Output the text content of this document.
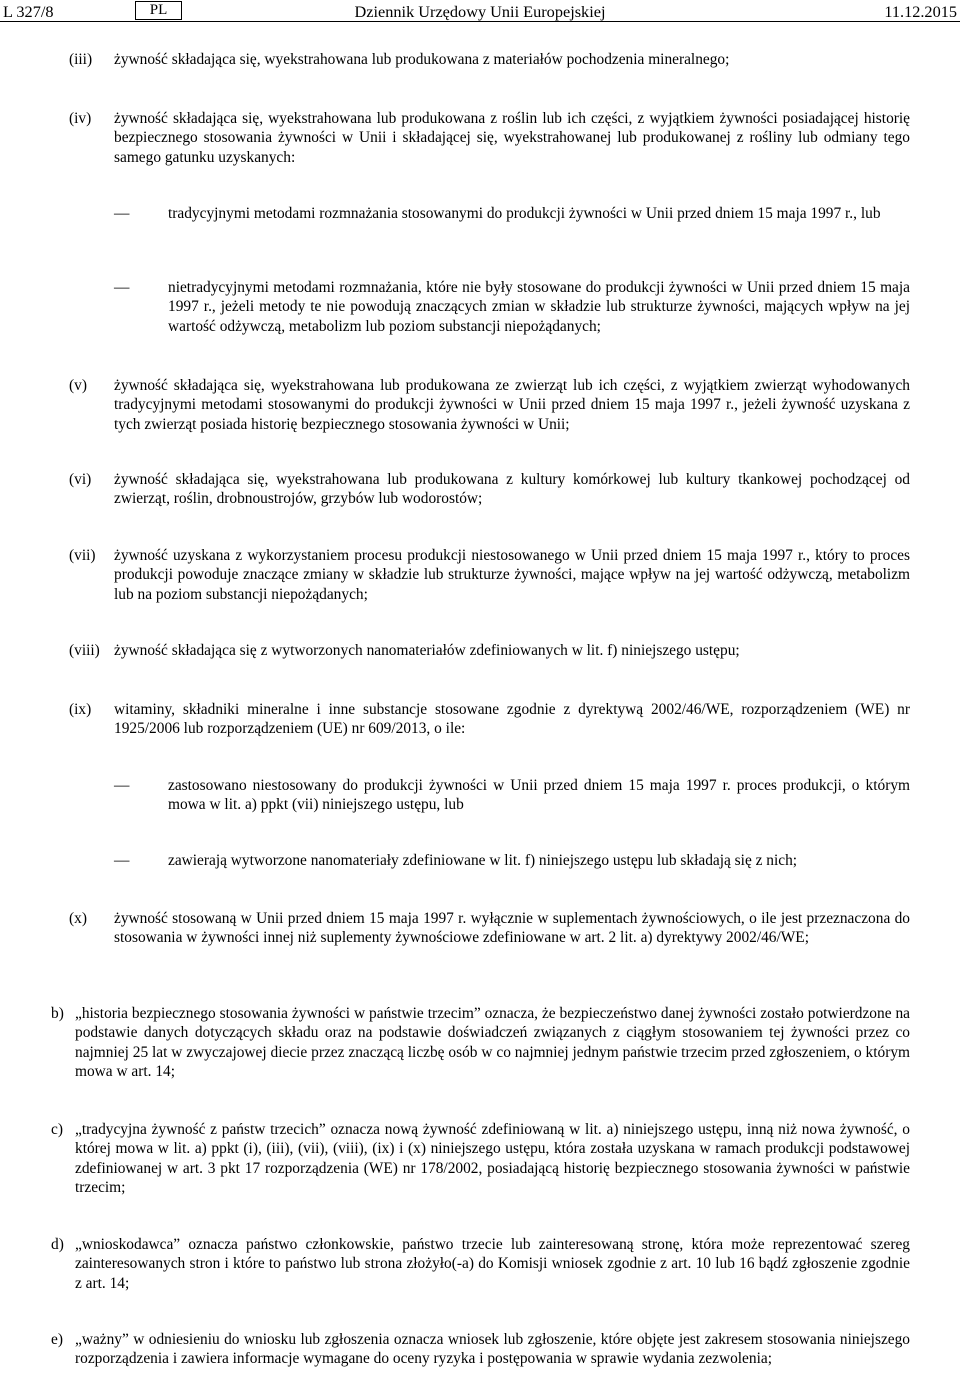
L 327/8	PL	Dziennik Urzędowy Unii Europejskiej	11.12.2015
(iii) żywność składająca się, wyekstrahowana lub produkowana z materiałów pochodzenia mineralnego;
(iv) żywność składająca się, wyekstrahowana lub produkowana z roślin lub ich części, z wyjątkiem żywności posiadającej historię bezpiecznego stosowania żywności w Unii i składającej się, wyekstrahowanej lub produkowanej z rośliny lub odmiany tego samego gatunku uzyskanych:
—	tradycyjnymi metodami rozmnażania stosowanymi do produkcji żywności w Unii przed dniem 15 maja 1997 r., lub
—	nietradycyjnymi metodami rozmnażania, które nie były stosowane do produkcji żywności w Unii przed dniem 15 maja 1997 r., jeżeli metody te nie powodują znaczących zmian w składzie lub strukturze żywności, mających wpływ na jej wartość odżywczą, metabolizm lub poziom substancji niepożądanych;
(v) żywność składająca się, wyekstrahowana lub produkowana ze zwierząt lub ich części, z wyjątkiem zwierząt wyhodowanych tradycyjnymi metodami stosowanymi do produkcji żywności w Unii przed dniem 15 maja 1997 r., jeżeli żywność uzyskana z tych zwierząt posiada historię bezpiecznego stosowania żywności w Unii;
(vi) żywność składająca się, wyekstrahowana lub produkowana z kultury komórkowej lub kultury tkankowej pochodzącej od zwierząt, roślin, drobnoustrojów, grzybów lub wodorostów;
(vii) żywność uzyskana z wykorzystaniem procesu produkcji niestosowanego w Unii przed dniem 15 maja 1997 r., który to proces produkcji powoduje znaczące zmiany w składzie lub strukturze żywności, mające wpływ na jej wartość odżywczą, metabolizm lub na poziom substancji niepożądanych;
(viii) żywność składająca się z wytworzonych nanomateriałów zdefiniowanych w lit. f) niniejszego ustępu;
(ix) witaminy, składniki mineralne i inne substancje stosowane zgodnie z dyrektywą 2002/46/WE, rozporządzeniem (WE) nr 1925/2006 lub rozporządzeniem (UE) nr 609/2013, o ile:
—	zastosowano niestosowany do produkcji żywności w Unii przed dniem 15 maja 1997 r. proces produkcji, o którym mowa w lit. a) ppkt (vii) niniejszego ustępu, lub
—	zawierają wytworzone nanomateriały zdefiniowane w lit. f) niniejszego ustępu lub składają się z nich;
(x) żywność stosowaną w Unii przed dniem 15 maja 1997 r. wyłącznie w suplementach żywnościowych, o ile jest przeznaczona do stosowania w żywności innej niż suplementy żywnościowe zdefiniowane w art. 2 lit. a) dyrektywy 2002/46/WE;
b) „historia bezpiecznego stosowania żywności w państwie trzecim” oznacza, że bezpieczeństwo danej żywności zostało potwierdzone na podstawie danych dotyczących składu oraz na podstawie doświadczeń związanych z ciągłym stosowaniem tej żywności przez co najmniej 25 lat w zwyczajowej diecie przez znaczącą liczbę osób w co najmniej jednym państwie trzecim przed zgłoszeniem, o którym mowa w art. 14;
c) „tradycyjna żywność z państw trzecich” oznacza nową żywność zdefiniowaną w lit. a) niniejszego ustępu, inną niż nowa żywność, o której mowa w lit. a) ppkt (i), (iii), (vii), (viii), (ix) i (x) niniejszego ustępu, która została uzyskana w ramach produkcji podstawowej zdefiniowanej w art. 3 pkt 17 rozporządzenia (WE) nr 178/2002, posiadającą historię bezpiecznego stosowania żywności w państwie trzecim;
d) „wnioskodawca” oznacza państwo członkowskie, państwo trzecie lub zainteresowaną stronę, która może reprezentować szereg zainteresowanych stron i które to państwo lub strona złożyło(-a) do Komisji wniosek zgodnie z art. 10 lub 16 bądź zgłoszenie zgodnie z art. 14;
e) „ważny” w odniesieniu do wniosku lub zgłoszenia oznacza wniosek lub zgłoszenie, które objęte jest zakresem stosowania niniejszego rozporządzenia i zawiera informacje wymagane do oceny ryzyka i postępowania w sprawie wydania zezwolenia;
